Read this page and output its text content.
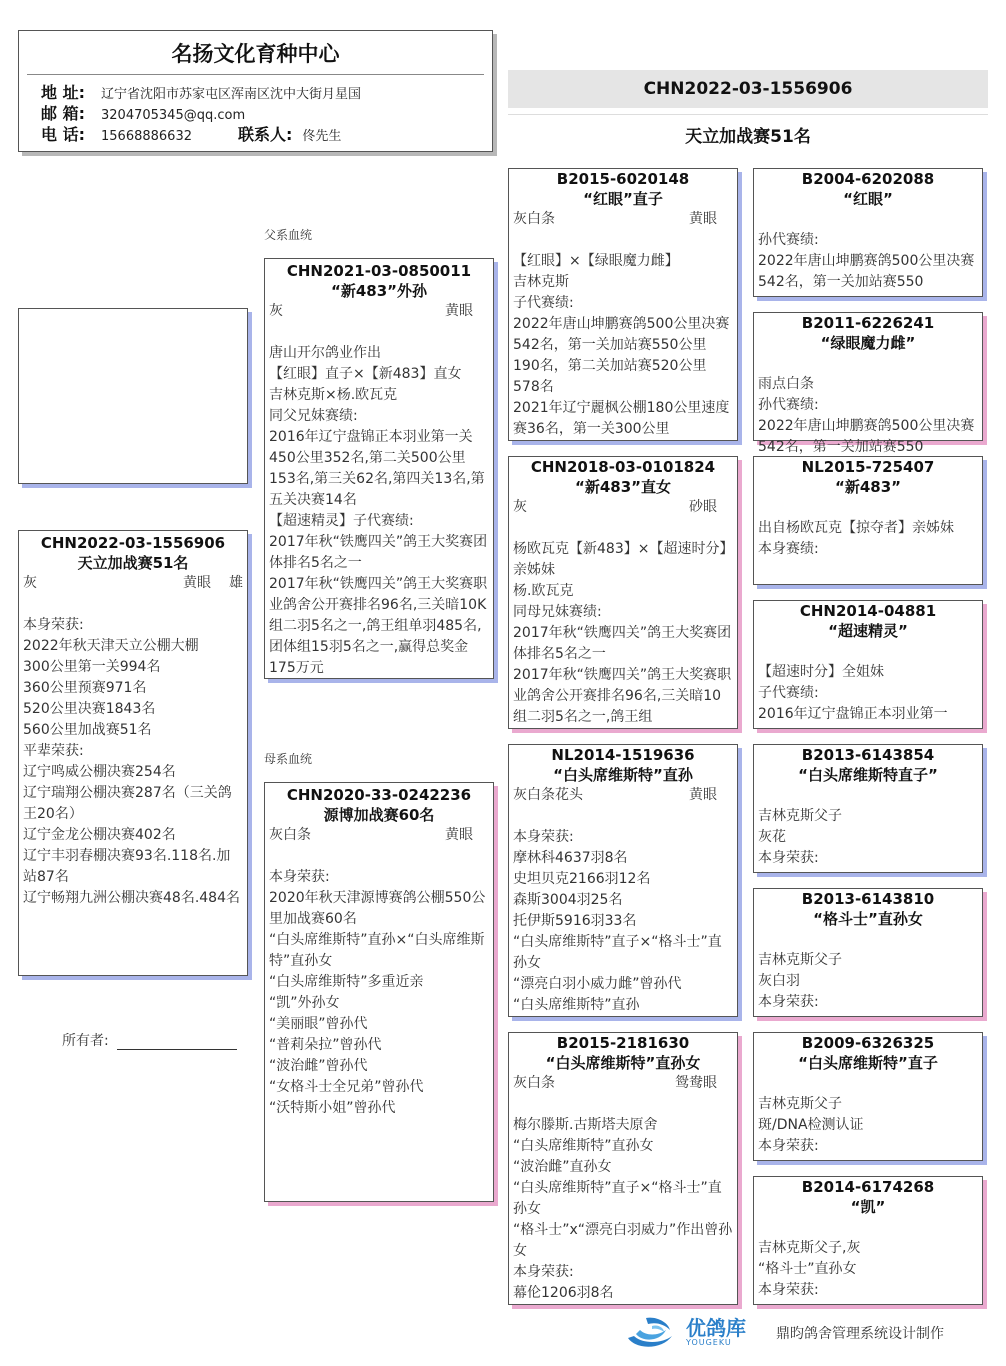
名扬文化育种中心
地 址:	辽宁省沈阳市苏家屯区浑南区沈中大街月星国
邮 箱:	3204705345@qq.com
电 话:	15668886632	联系人: 佟先生
CHN2022-03-1556906
天立加战赛51名
父系血统
母系血统
CHN2022-03-1556906
天立加战赛51名
灰	黄眼 雄
本身荣获:
2022年秋天津天立公棚大棚
300公里第一关994名
360公里预赛971名
520公里决赛1843名
560公里加战赛51名
平辈荣获:
辽宁鸣威公棚决赛254名
辽宁瑞翔公棚决赛287名（三关鸽王20名）
辽宁金龙公棚决赛402名
辽宁丰羽春棚决赛93名.118名.加站87名
辽宁畅翔九洲公棚决赛48名.484名
所有者:
CHN2021-03-0850011
“新483”外孙
灰	黄眼
唐山开尔鸽业作出
【红眼】直子×【新483】直女
吉林克斯×杨.欧瓦克
同父兄妹赛绩:
2016年辽宁盘锦正本羽业第一关450公里352名,第二关500公里153名,第三关62名,第四关13名,第五关决赛14名
【超速精灵】子代赛绩:
2017年秋“铁鹰四关”鸽王大奖赛团体排名5名之一
2017年秋“铁鹰四关”鸽王大奖赛职业鸽舍公开赛排名96名,三关暗10K组二羽5名之一,鸽王组单羽485名,团体组15羽5名之一,赢得总奖金175万元
CHN2020-33-0242236
源博加战赛60名
灰白条	黄眼
本身荣获:
2020年秋天津源博赛鸽公棚550公里加战赛60名
“白头席维斯特”直孙×“白头席维斯特”直孙女
“白头席维斯特”多重近亲
“凯”外孙女
“美丽眼”曾孙代
“普莉朵拉”曾孙代
“波治雌”曾孙代
“女格斗士全兄弟”曾孙代
“沃特斯小姐”曾孙代
B2015-6020148
“红眼”直子
灰白条	黄眼
【红眼】×【绿眼魔力雌】
吉林克斯
子代赛绩:
2022年唐山坤鹏赛鸽500公里决赛542名，第一关加站赛550公里190名，第二关加站赛520公里578名
2021年辽宁麗枫公棚180公里速度赛36名，第一关300公里
CHN2018-03-0101824
“新483”直女
灰	砂眼
杨欧瓦克【新483】×【超速时分】亲姊妹
杨.欧瓦克
同母兄妹赛绩:
2017年秋“铁鹰四关”鸽王大奖赛团体排名5名之一
2017年秋“铁鹰四关”鸽王大奖赛职业鸽舍公开赛排名96名,三关暗10组二羽5名之一,鸽王组
NL2014-1519636
“白头席维斯特”直孙
灰白条花头	黄眼
本身荣获:
摩林科4637羽8名
史坦贝克2166羽12名
森斯3004羽25名
托伊斯5916羽33名
“白头席维斯特”直子×“格斗士”直孙女
“漂亮白羽小威力雌”曾孙代
“白头席维斯特”直孙
B2015-2181630
“白头席维斯特”直孙女
灰白条	鸳鸯眼
梅尔滕斯.古斯塔夫原舍
“白头席维斯特”直孙女
“波治雌”直孙女
“白头席维斯特”直子×“格斗士”直孙女
“格斗士”x“漂亮白羽威力”作出曾孙女
本身荣获:
幕伦1206羽8名
B2004-6202088
“红眼”
孙代赛绩:
2022年唐山坤鹏赛鸽500公里决赛542名，第一关加站赛550
B2011-6226241
“绿眼魔力雌”
雨点白条
孙代赛绩:
2022年唐山坤鹏赛鸽500公里决赛542名，第一关加站赛550
NL2015-725407
“新483”
出自杨欧瓦克【掠夺者】亲姊妹
本身赛绩:
CHN2014-04881
“超速精灵”
【超速时分】全姐妹
子代赛绩:
2016年辽宁盘锦正本羽业第一
B2013-6143854
“白头席维斯特直子”
吉林克斯父子
灰花
本身荣获:
B2013-6143810
“格斗士”直孙女
吉林克斯父子
灰白羽
本身荣获:
B2009-6326325
“白头席维斯特”直子
吉林克斯父子
斑/DNA检测认证
本身荣获:
B2014-6174268
“凯”
吉林克斯父子,灰
“格斗士”直孙女
本身荣获:
优鸽库
YOUGEKU	鼎昀鸽舍管理系统设计制作
